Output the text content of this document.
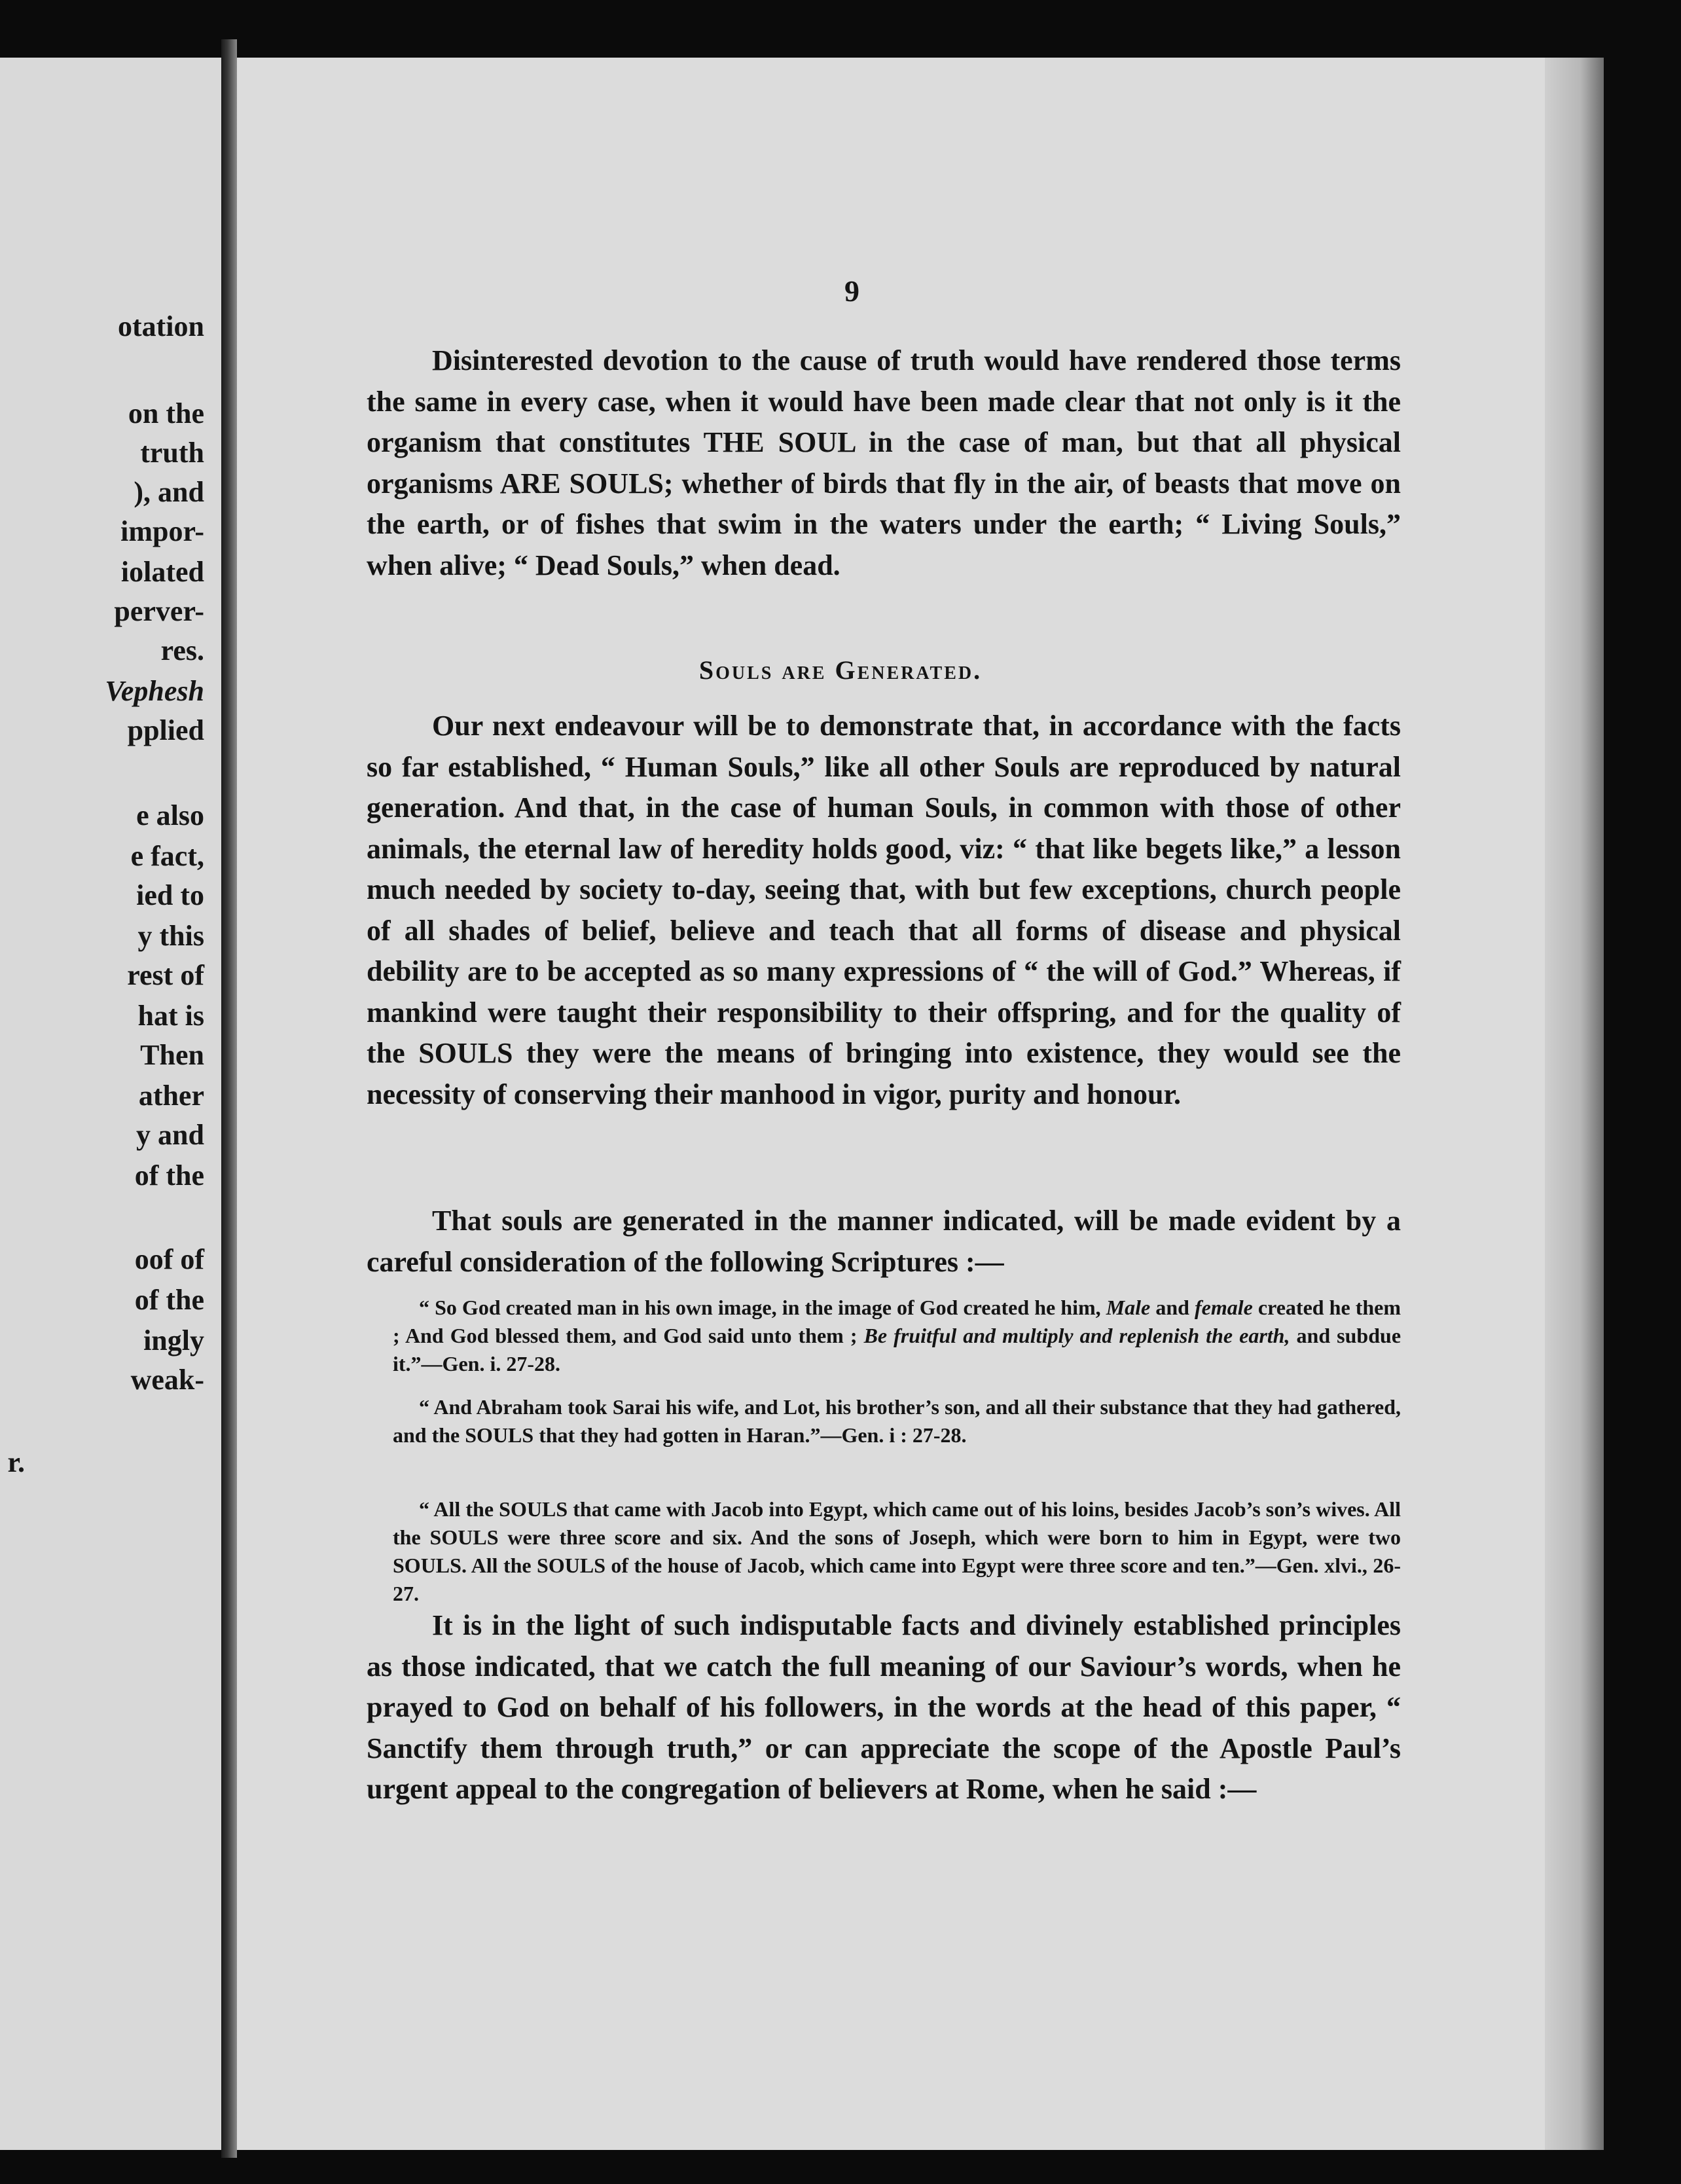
otation
on the
truth
), and
impor-
iolated
perver-
res.
Vephesh
pplied
e also
e fact,
ied to
y this
rest of
hat is
Then
ather
y and
of the
oof of
of the
ingly
weak-
r.
9
Disinterested devotion to the cause of truth would have rendered those terms the same in every case, when it would have been made clear that not only is it the organism that constitutes THE SOUL in the case of man, but that all physical organisms ARE SOULS; whether of birds that fly in the air, of beasts that move on the earth, or of fishes that swim in the waters under the earth; “ Living Souls,” when alive; “ Dead Souls,” when dead.
Souls are Generated.
Our next endeavour will be to demonstrate that, in accordance with the facts so far established, “ Human Souls,” like all other Souls are reproduced by natural generation. And that, in the case of human Souls, in common with those of other animals, the eternal law of heredity holds good, viz: “ that like begets like,” a lesson much needed by society to-day, seeing that, with but few exceptions, church people of all shades of belief, believe and teach that all forms of disease and physical debility are to be accepted as so many expressions of “ the will of God.” Whereas, if mankind were taught their responsibility to their offspring, and for the quality of the SOULS they were the means of bringing into existence, they would see the necessity of conserving their manhood in vigor, purity and honour.
That souls are generated in the manner indicated, will be made evident by a careful consideration of the following Scriptures :—
“ So God created man in his own image, in the image of God created he him, Male and female created he them ; And God blessed them, and God said unto them ; Be fruitful and multiply and replenish the earth, and subdue it.”—Gen. i. 27-28.
“ And Abraham took Sarai his wife, and Lot, his brother’s son, and all their substance that they had gathered, and the SOULS that they had gotten in Haran.”—Gen. i : 27-28.
“ All the SOULS that came with Jacob into Egypt, which came out of his loins, besides Jacob’s son’s wives. All the SOULS were three score and six. And the sons of Joseph, which were born to him in Egypt, were two SOULS. All the SOULS of the house of Jacob, which came into Egypt were three score and ten.”—Gen. xlvi., 26-27.
It is in the light of such indisputable facts and divinely established principles as those indicated, that we catch the full meaning of our Saviour’s words, when he prayed to God on behalf of his followers, in the words at the head of this paper, “ Sanctify them through truth,” or can appreciate the scope of the Apostle Paul’s urgent appeal to the congregation of believers at Rome, when he said :—
